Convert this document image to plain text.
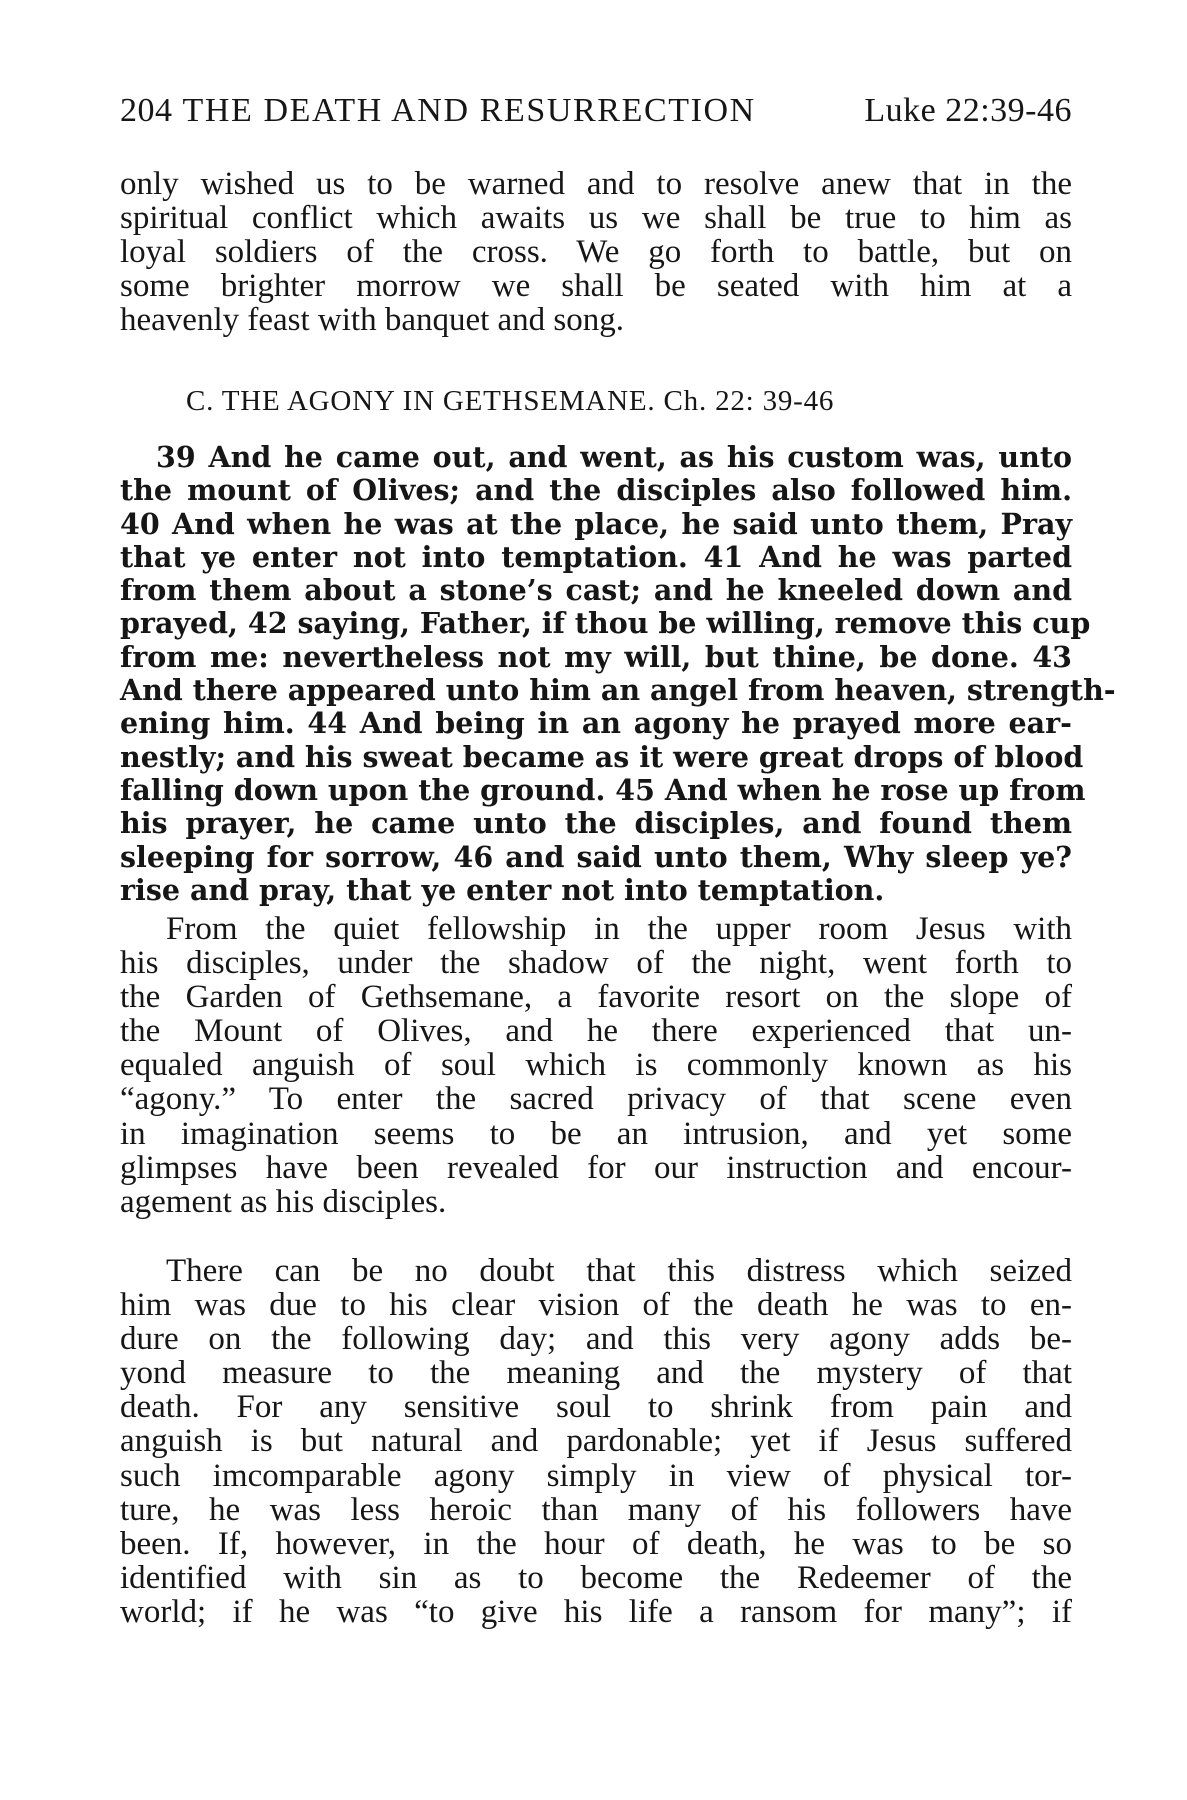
204 THE DEATH AND RESURRECTION	Luke 22:39-46
only wished us to be warned and to resolve anew that in the
spiritual conflict which awaits us we shall be true to him as
loyal soldiers of the cross. We go forth to battle, but on
some brighter morrow we shall be seated with him at a
heavenly feast with banquet and song.
C. THE AGONY IN GETHSEMANE. Ch. 22: 39-46
39 And he came out, and went, as his custom was, unto
the mount of Olives; and the disciples also followed him.
40 And when he was at the place, he said unto them, Pray
that ye enter not into temptation. 41 And he was parted
from them about a stone’s cast; and he kneeled down and
prayed, 42 saying, Father, if thou be willing, remove this cup
from me: nevertheless not my will, but thine, be done. 43
And there appeared unto him an angel from heaven, strength-
ening him. 44 And being in an agony he prayed more ear-
nestly; and his sweat became as it were great drops of blood
falling down upon the ground. 45 And when he rose up from
his prayer, he came unto the disciples, and found them
sleeping for sorrow, 46 and said unto them, Why sleep ye?
rise and pray, that ye enter not into temptation.
From the quiet fellowship in the upper room Jesus with
his disciples, under the shadow of the night, went forth to
the Garden of Gethsemane, a favorite resort on the slope of
the Mount of Olives, and he there experienced that un-
equaled anguish of soul which is commonly known as his
“agony.” To enter the sacred privacy of that scene even
in imagination seems to be an intrusion, and yet some
glimpses have been revealed for our instruction and encour-
agement as his disciples.
There can be no doubt that this distress which seized
him was due to his clear vision of the death he was to en-
dure on the following day; and this very agony adds be-
yond measure to the meaning and the mystery of that
death. For any sensitive soul to shrink from pain and
anguish is but natural and pardonable; yet if Jesus suffered
such imcomparable agony simply in view of physical tor-
ture, he was less heroic than many of his followers have
been. If, however, in the hour of death, he was to be so
identified with sin as to become the Redeemer of the
world; if he was “to give his life a ransom for many”; if
